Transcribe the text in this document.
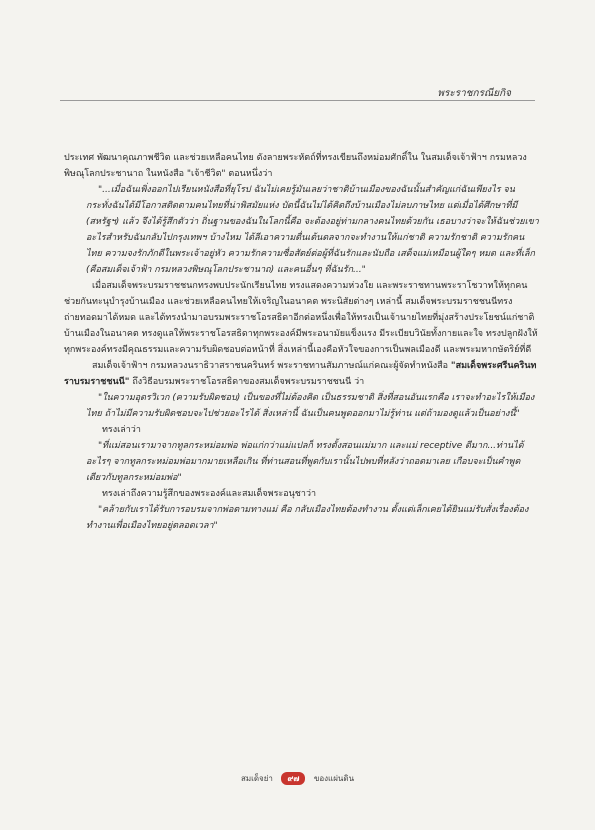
พระราชกรณียกิจ

ประเทศ พัฒนาคุณภาพชีวิต และช่วยเหลือคนไทย ดังลายพระหัตถ์ที่ทรงเขียนถึงหม่อมศักดิ์ใน ในสมเด็จเจ้าฟ้าฯ กรมหลวงพิษณุโลกประชานาถ ในหนังสือ "เจ้าชีวิต" ตอนหนึ่งว่า

"...เมื่อฉันเพิ่งออกไปเรียนหนังสือที่ยุโรป ฉันไม่เคยรู้มันเลยว่าชาติบ้านเมืองของฉันนั้นสำคัญแก่ฉันเพียงไร จนกระทั่งฉันได้มีโอกาสติดตามคนไทยที่น่าพิสมัยแห่ง บัดนี้ฉันไม่ได้คิดถึงบ้านเมืองไม่ลบภาษไทย แต่เมื่อได้ศึกษาที่มี (สหรัฐฯ) แล้ว จึงได้รู้สึกตัวว่า ถิ่นฐานของฉันในโลกนี้คือ จะต้องอยู่ท่ามกลางคนไทยด้วยกัน เธอบางว่าจะให้ฉันช่วยเขาอะไรสำหรับฉันกลับไปกรุงเทพฯ บ้างไหม ได้ลีเอาความตื่นเต้นดลจากจะทำงานให้แก่ชาติ ความรักชาติ ความรักคนไทย ความจงรักภักดีในพระเจ้าอยู่หัว ความรักความซื่อสัตย์ต่อผู้ที่ฉันรักและนับถือ เสด็จแม่เหมือนผู้ใดๆ หมด และที่เล็ก (คือสมเด็จเจ้าฟ้า กรมหลวงพิษณุโลกประชานาถ) และคนอื่นๆ ที่ฉันรัก..."

เมื่อสมเด็จพระบรมราชชนกทรงพบประนักเรียนไทย ทรงแสดงความห่วงใย และพระราชทานพระราโชวาทให้ทุกคนช่วยกันทะนุบำรุงบ้านเมือง และช่วยเหลือคนไทยให้เจริญในอนาคต พระนิสัยต่างๆ เหล่านี้ สมเด็จพระบรมราชชนนีทรงถ่ายทอดมาได้หมด และได้ทรงนำมาอบรมพระราชโอรสธิดาอีกต่อหนึ่งเพื่อให้ทรงเป็นเจ้านายไทยที่มุ่งสร้างประโยชน์แก่ชาติบ้านเมืองในอนาคต ทรงดูแลให้พระราชโอรสธิดาทุกพระองค์มีพระอนามัยแข็งแรง มีระเบียบวินัยทั้งกายและใจ ทรงปลูกฝังให้ทุกพระองค์ทรงมีคุณธรรมและความรับผิดชอบต่อหน้าที่ สิ่งเหล่านี้เองคือหัวใจของการเป็นพลเมืองดี และพระมหากษัตริย์ที่ดี

สมเด็จเจ้าฟ้าฯ กรมหลวงนราธิวาสราชนครินทร์ พระราชทานสัมภาษณ์แก่คณะผู้จัดทำหนังสือ "สมเด็จพระศรีนครินทราบรมราชชนนี" ถึงวิธีอบรมพระราชโอรสธิดาของสมเด็จพระบรมราชชนนี ว่า

"ในความอุดรวิเวก (ความรับผิดชอบ) เป็นของที่ไม่ต้องคิด เป็นธรรมชาติ สิ่งที่สอนอันแรกคือ เราจะทำอะไรให้เมืองไทย ถ้าไม่มีความรับผิดชอบจะไปช่วยอะไรได้ สิ่งเหล่านี้ ฉันเป็นคนพูดออกมาไม่รู้ท่าน แต่ถ้ามองดูแล้วเป็นอย่างนี้"

ทรงเล่าว่า

"ที่แม่สอนเรามาจากทูลกระหม่อมพ่อ พ่อแก่กว่าแม่แปลก็ ทรงตั้งสอนแม่มาก และแม่ receptive ดีมาก...ท่านได้อะไรๆ จากทูลกระหม่อมพ่อมากมายเหลือเกิน ที่ท่านสอนที่พูดกับเรานั้นไปพบที่หลังว่าถอดมาเลย เกือบจะเป็นคำพูดเดียวกับทูลกระหม่อมพ่อ"

ทรงเล่าถึงความรู้สึกของพระองค์และสมเด็จพระอนุชาว่า

"คล้ายกับเราได้รับการอบรมจากพ่อตามทางแม่ คือ กลับเมืองไทยต้องทำงาน ตั้งแต่เล็กเคยได้ยินแม่รับสั่งเรื่องต้องทำงานเพื่อเมืองไทยอยู่ตลอดเวลา"

สมเด็จย่า ๙๗ ของแผ่นดิน
